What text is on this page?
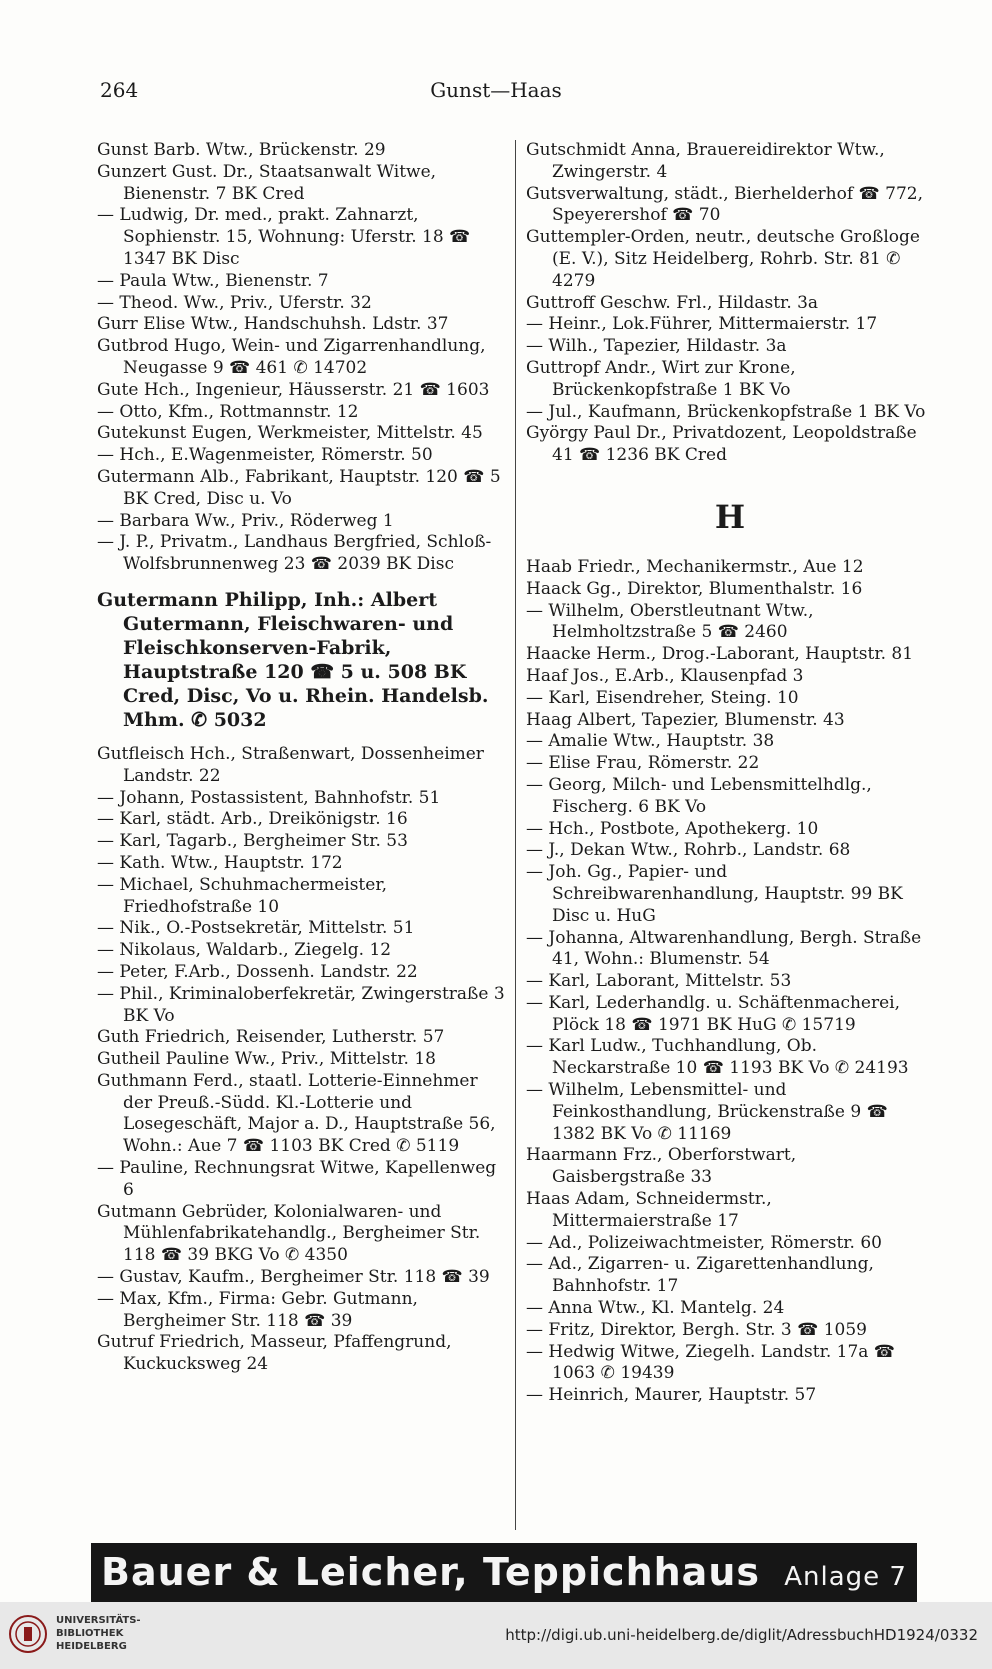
264	Gunst—Haas
Gunst Barb. Wtw., Brückenstr. 29
Gunzert Gust. Dr., Staatsanwalt Witwe, Bienenstr. 7 BK Cred
— Ludwig, Dr. med., prakt. Zahnarzt, Sophienstr. 15, Wohnung: Uferstr. 18 ☎ 1347 BK Disc
— Paula Wtw., Bienenstr. 7
— Theod. Ww., Priv., Uferstr. 32
Gurr Elise Wtw., Handschuhsh. Ldstr. 37
Gutbrod Hugo, Wein- und Zigarrenhandlung, Neugasse 9 ☎ 461 ✆ 14702
Gute Hch., Ingenieur, Häusserstr. 21 ☎ 1603
— Otto, Kfm., Rottmannstr. 12
Gutekunst Eugen, Werkmeister, Mittelstr. 45
— Hch., E.Wagenmeister, Römerstr. 50
Gutermann Alb., Fabrikant, Hauptstr. 120 ☎ 5 BK Cred, Disc u. Vo
— Barbara Ww., Priv., Röderweg 1
— J. P., Privatm., Landhaus Bergfried, Schloß-Wolfsbrunnenweg 23 ☎ 2039 BK Disc
Gutermann Philipp, Inh.: Albert Gutermann, Fleischwaren- und Fleischkonserven-Fabrik, Hauptstraße 120 ☎ 5 u. 508 BK Cred, Disc, Vo u. Rhein. Handelsb. Mhm. ✆ 5032
Gutfleisch Hch., Straßenwart, Dossenheimer Landstr. 22
— Johann, Postassistent, Bahnhofstr. 51
— Karl, städt. Arb., Dreikönigstr. 16
— Karl, Tagarb., Bergheimer Str. 53
— Kath. Wtw., Hauptstr. 172
— Michael, Schuhmachermeister, Friedhofstraße 10
— Nik., O.-Postsekretär, Mittelstr. 51
— Nikolaus, Waldarb., Ziegelg. 12
— Peter, F.Arb., Dossenh. Landstr. 22
— Phil., Kriminaloberfekretär, Zwingerstraße 3 BK Vo
Guth Friedrich, Reisender, Lutherstr. 57
Gutheil Pauline Ww., Priv., Mittelstr. 18
Guthmann Ferd., staatl. Lotterie-Einnehmer der Preuß.-Südd. Kl.-Lotterie und Losegeschäft, Major a. D., Hauptstraße 56, Wohn.: Aue 7 ☎ 1103 BK Cred ✆ 5119
— Pauline, Rechnungsrat Witwe, Kapellenweg 6
Gutmann Gebrüder, Kolonialwaren- und Mühlenfabrikatehandlg., Bergheimer Str. 118 ☎ 39 BKG Vo ✆ 4350
— Gustav, Kaufm., Bergheimer Str. 118 ☎ 39
— Max, Kfm., Firma: Gebr. Gutmann, Bergheimer Str. 118 ☎ 39
Gutruf Friedrich, Masseur, Pfaffengrund, Kuckucksweg 24
Gutschmidt Anna, Brauereidirektor Wtw., Zwingerstr. 4
Gutsverwaltung, städt., Bierhelderhof ☎ 772, Speyerershof ☎ 70
Guttempler-Orden, neutr., deutsche Großloge (E. V.), Sitz Heidelberg, Rohrb. Str. 81 ✆ 4279
Guttroff Geschw. Frl., Hildastr. 3a
— Heinr., Lok.Führer, Mittermaierstr. 17
— Wilh., Tapezier, Hildastr. 3a
Guttropf Andr., Wirt zur Krone, Brückenkopfstraße 1 BK Vo
— Jul., Kaufmann, Brückenkopfstraße 1 BK Vo
György Paul Dr., Privatdozent, Leopoldstraße 41 ☎ 1236 BK Cred
H
Haab Friedr., Mechanikermstr., Aue 12
Haack Gg., Direktor, Blumenthalstr. 16
— Wilhelm, Oberstleutnant Wtw., Helmholtzstraße 5 ☎ 2460
Haacke Herm., Drog.-Laborant, Hauptstr. 81
Haaf Jos., E.Arb., Klausenpfad 3
— Karl, Eisendreher, Steing. 10
Haag Albert, Tapezier, Blumenstr. 43
— Amalie Wtw., Hauptstr. 38
— Elise Frau, Römerstr. 22
— Georg, Milch- und Lebensmittelhdlg., Fischerg. 6 BK Vo
— Hch., Postbote, Apothekerg. 10
— J., Dekan Wtw., Rohrb., Landstr. 68
— Joh. Gg., Papier- und Schreibwarenhandlung, Hauptstr. 99 BK Disc u. HuG
— Johanna, Altwarenhandlung, Bergh. Straße 41, Wohn.: Blumenstr. 54
— Karl, Laborant, Mittelstr. 53
— Karl, Lederhandlg. u. Schäftenmacherei, Plöck 18 ☎ 1971 BK HuG ✆ 15719
— Karl Ludw., Tuchhandlung, Ob. Neckarstraße 10 ☎ 1193 BK Vo ✆ 24193
— Wilhelm, Lebensmittel- und Feinkosthandlung, Brückenstraße 9 ☎ 1382 BK Vo ✆ 11169
Haarmann Frz., Oberforstwart, Gaisbergstraße 33
Haas Adam, Schneidermstr., Mittermaierstraße 17
— Ad., Polizeiwachtmeister, Römerstr. 60
— Ad., Zigarren- u. Zigarettenhandlung, Bahnhofstr. 17
— Anna Wtw., Kl. Mantelg. 24
— Fritz, Direktor, Bergh. Str. 3 ☎ 1059
— Hedwig Witwe, Ziegelh. Landstr. 17a ☎ 1063 ✆ 19439
— Heinrich, Maurer, Hauptstr. 57
Bauer & Leicher, Teppichhaus Anlage 7
UNIVERSITÄTS-
BIBLIOTHEK
HEIDELBERG
http://digi.ub.uni-heidelberg.de/diglit/AdressbuchHD1924/0332
